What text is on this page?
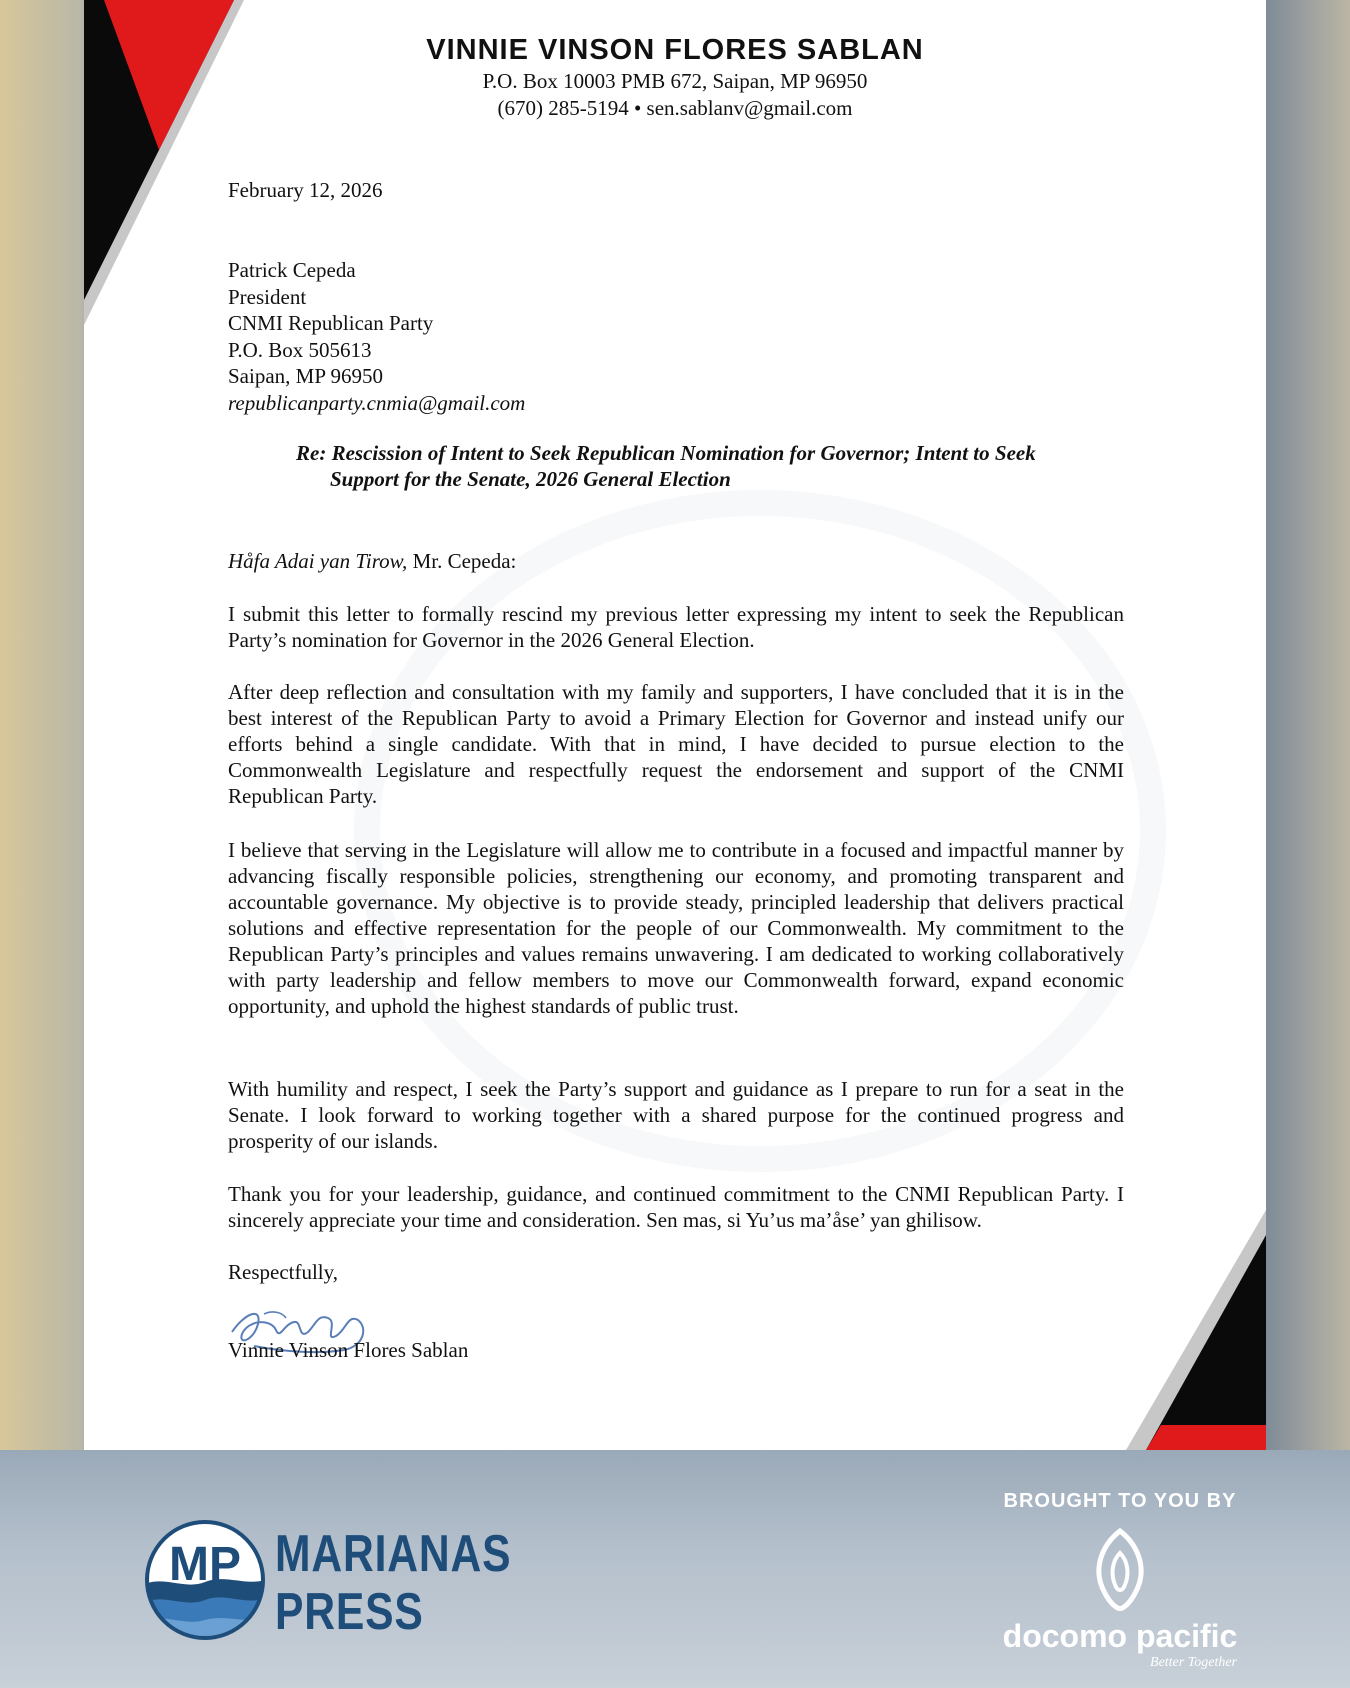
VINNIE VINSON FLORES SABLAN
P.O. Box 10003 PMB 672, Saipan, MP 96950
(670) 285-5194 • sen.sablanv@gmail.com
February 12, 2026
Patrick Cepeda
President
CNMI Republican Party
P.O. Box 505613
Saipan, MP 96950
republicanparty.cnmia@gmail.com
Re: Rescission of Intent to Seek Republican Nomination for Governor; Intent to Seek
Support for the Senate, 2026 General Election
Håfa Adai yan Tirow, Mr. Cepeda:

I submit this letter to formally rescind my previous letter expressing my intent to seek the Republican Party’s nomination for Governor in the 2026 General Election.

After deep reflection and consultation with my family and supporters, I have concluded that it is in the best interest of the Republican Party to avoid a Primary Election for Governor and instead unify our efforts behind a single candidate. With that in mind, I have decided to pursue election to the Commonwealth Legislature and respectfully request the endorsement and support of the CNMI Republican Party.

I believe that serving in the Legislature will allow me to contribute in a focused and impactful manner by advancing fiscally responsible policies, strengthening our economy, and promoting transparent and accountable governance. My objective is to provide steady, principled leadership that delivers practical solutions and effective representation for the people of our Commonwealth. My commitment to the Republican Party’s principles and values remains unwavering. I am dedicated to working collaboratively with party leadership and fellow members to move our Commonwealth forward, expand economic opportunity, and uphold the highest standards of public trust.

With humility and respect, I seek the Party’s support and guidance as I prepare to run for a seat in the Senate. I look forward to working together with a shared purpose for the continued progress and prosperity of our islands.

Thank you for your leadership, guidance, and continued commitment to the CNMI Republican Party. I sincerely appreciate your time and consideration. Sen mas, si Yu’us ma’åse’ yan ghilisow.

Respectfully,
Vinnie Vinson Flores Sablan
MP MARIANAS
PRESS
BROUGHT TO YOU BY
docomo pacific
Better Together
